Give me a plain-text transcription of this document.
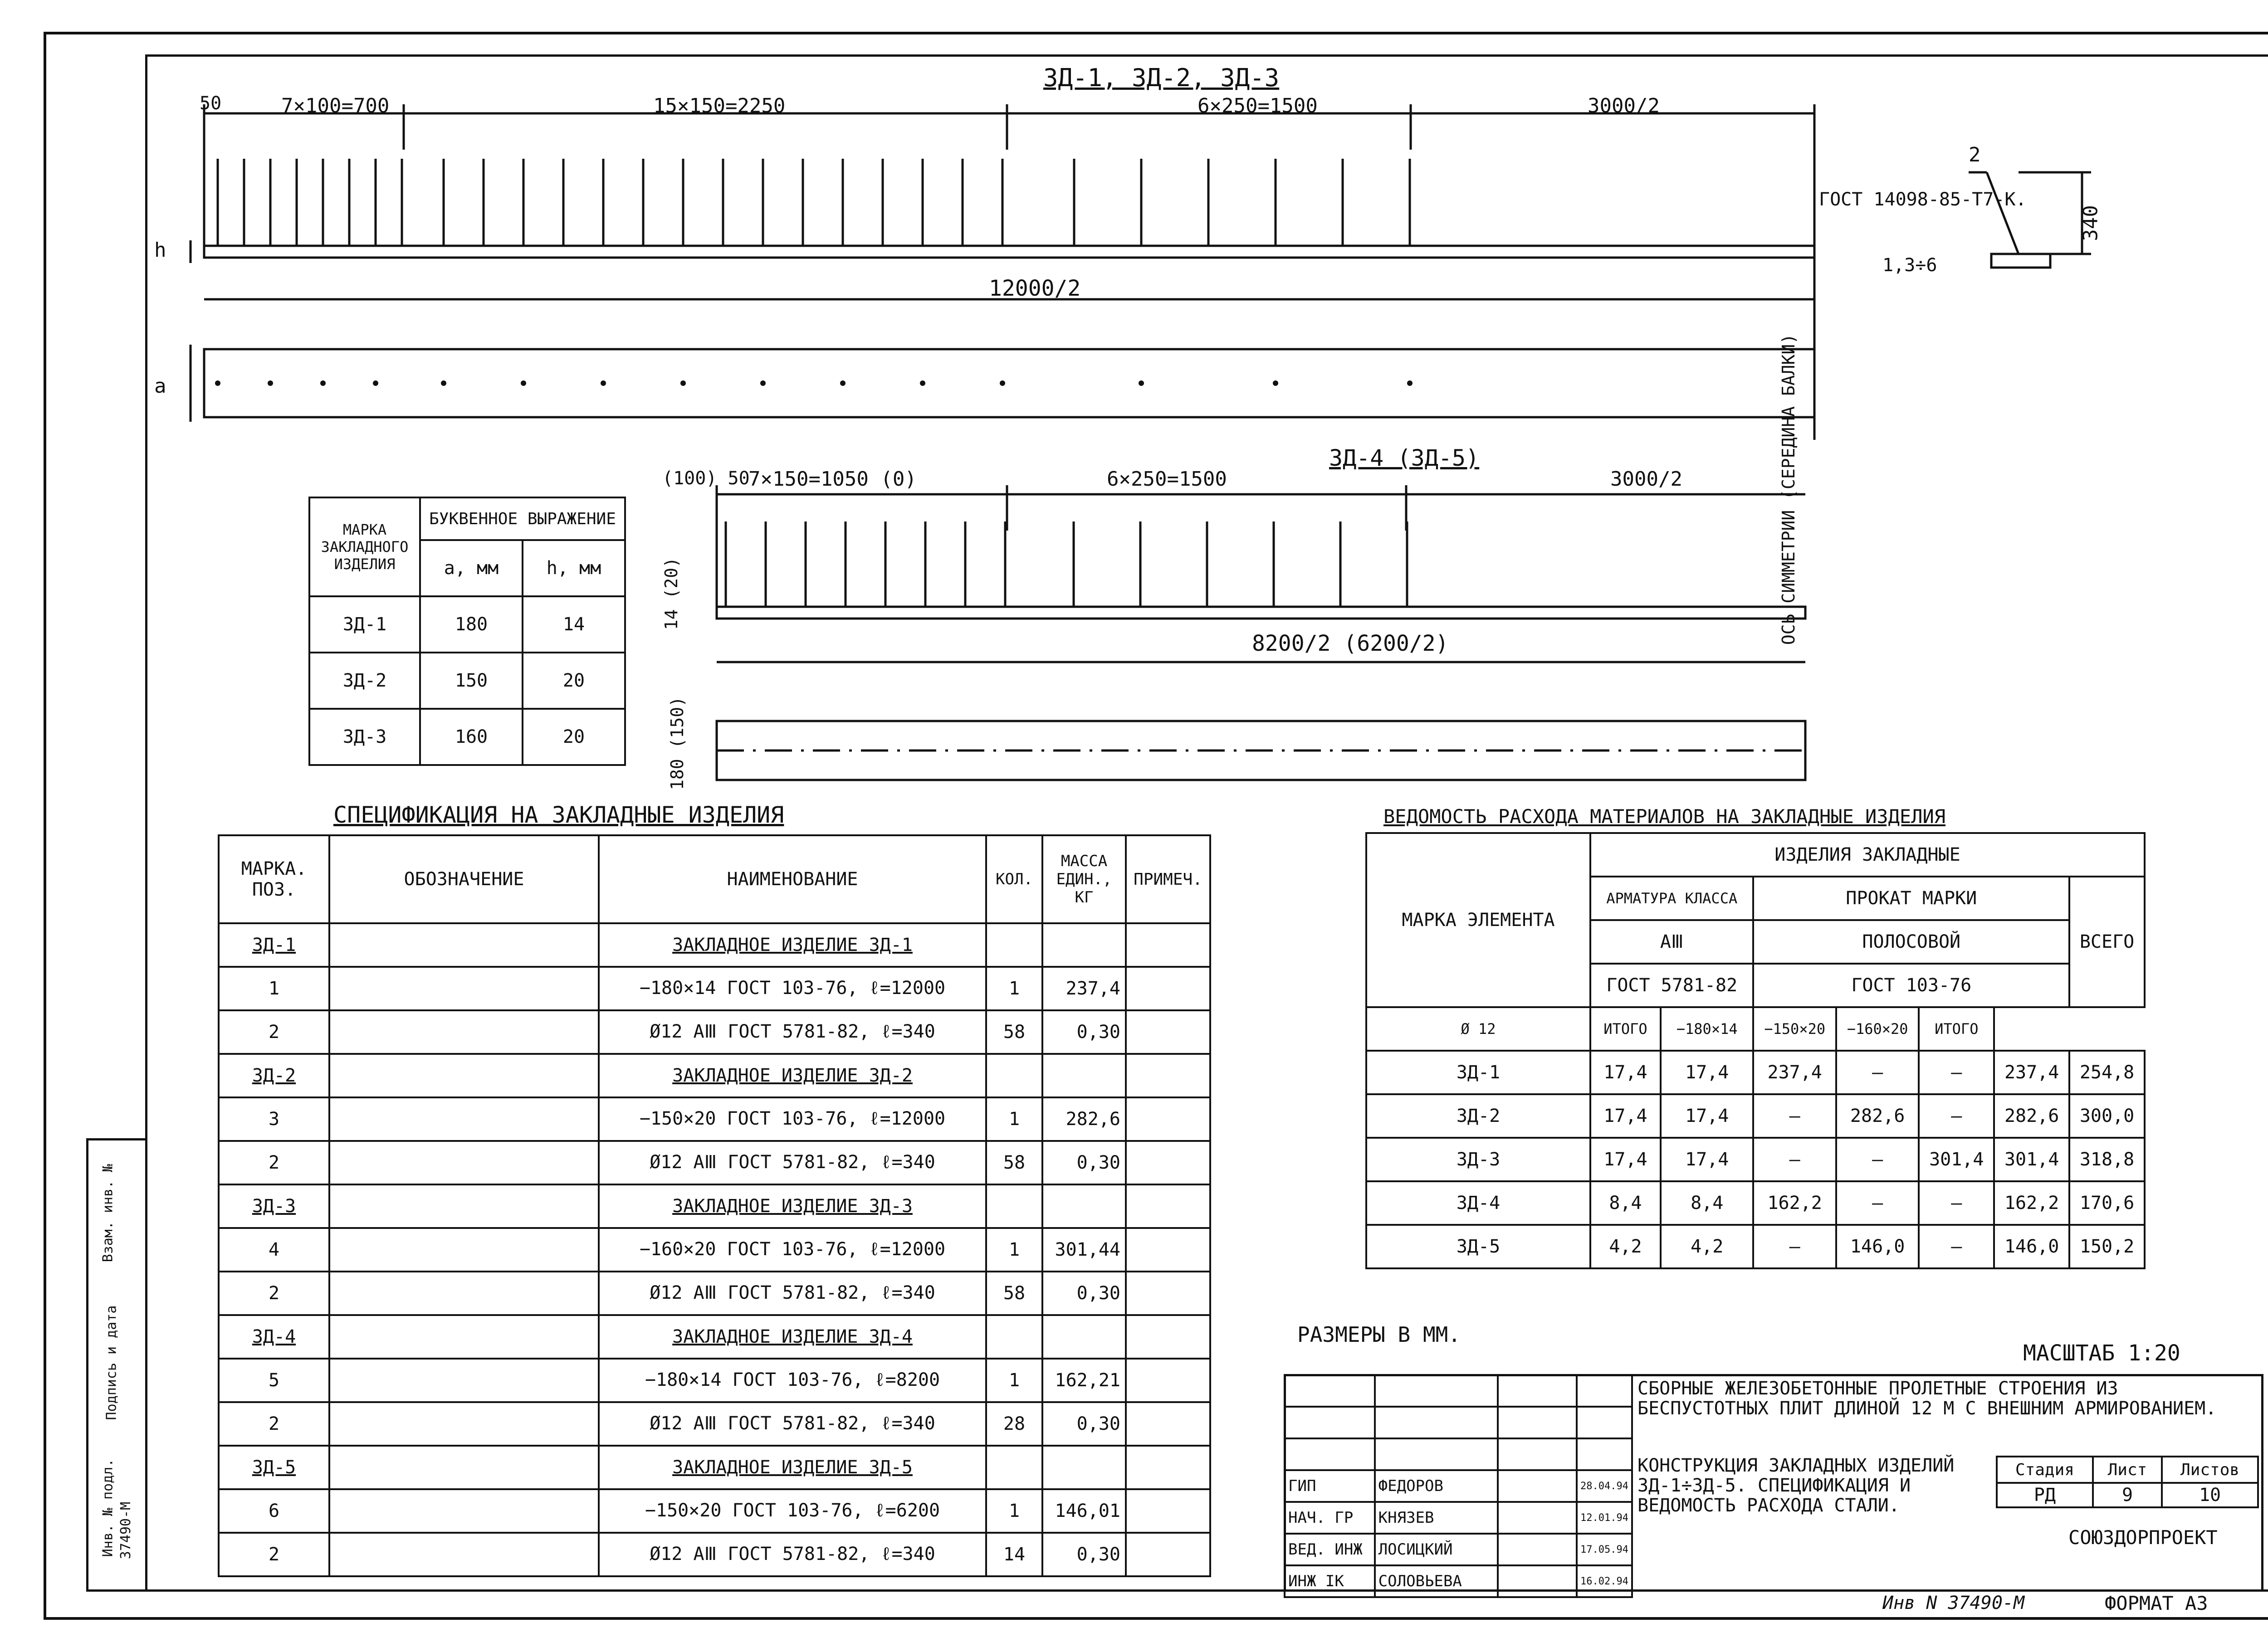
ЗД-1, ЗД-2, ЗД-3
50	7×100=700	15×150=2250	6×250=1500	3000/2
12000/2
h
a
2
ГОСТ 14098-85-Т7-К.
340
1,3÷6
ОСЬ СИММЕТРИИ (СЕРЕДИНА БАЛКИ)
ЗД-4 (ЗД-5)
(100) 50
7×150=1050 (0)	6×250=1500	3000/2
8200/2 (6200/2)
14 (20)
180 (150)
МАРКА ЗАКЛАДНОГО ИЗДЕЛИЯ	БУКВЕННОЕ ВЫРАЖЕНИЕ	
	a, мм	h, мм
ЗД-1	180	14
ЗД-2	150	20
ЗД-3	160	20
СПЕЦИФИКАЦИЯ НА ЗАКЛАДНЫЕ ИЗДЕЛИЯ
МАРКА. ПОЗ.	ОБОЗНАЧЕНИЕ	НАИМЕНОВАНИЕ	КОЛ.	МАССА ЕДИН., КГ	ПРИМЕЧ.
ЗД-1		ЗАКЛАДНОЕ ИЗДЕЛИЕ ЗД-1			
1		−180×14 ГОСТ 103-76, ℓ=12000	1	237,4	
2		Ø12 АⅢ ГОСТ 5781-82, ℓ=340	58	0,30	
ЗД-2		ЗАКЛАДНОЕ ИЗДЕЛИЕ ЗД-2			
3		−150×20 ГОСТ 103-76, ℓ=12000	1	282,6	
2		Ø12 АⅢ ГОСТ 5781-82, ℓ=340	58	0,30	
ЗД-3		ЗАКЛАДНОЕ ИЗДЕЛИЕ ЗД-3			
4		−160×20 ГОСТ 103-76, ℓ=12000	1	301,44	
2		Ø12 АⅢ ГОСТ 5781-82, ℓ=340	58	0,30	
ЗД-4		ЗАКЛАДНОЕ ИЗДЕЛИЕ ЗД-4			
5		−180×14 ГОСТ 103-76, ℓ=8200	1	162,21	
2		Ø12 АⅢ ГОСТ 5781-82, ℓ=340	28	0,30	
ЗД-5		ЗАКЛАДНОЕ ИЗДЕЛИЕ ЗД-5			
6		−150×20 ГОСТ 103-76, ℓ=6200	1	146,01	
2		Ø12 АⅢ ГОСТ 5781-82, ℓ=340	14	0,30	
ВЕДОМОСТЬ РАСХОДА МАТЕРИАЛОВ НА ЗАКЛАДНЫЕ ИЗДЕЛИЯ
МАРКА ЭЛЕМЕНТА	ИЗДЕЛИЯ ЗАКЛАДНЫЕ						
	АРМАТУРА КЛАССА		ПРОКАТ МАРКИ				ВСЕГО
	АⅢ		ПОЛОСОВОЙ				
	ГОСТ 5781-82		ГОСТ 103-76				
Ø 12	ИТОГО	−180×14	−150×20	−160×20	ИТОГО		
ЗД-1	17,4	17,4	237,4	—	—	237,4	254,8
ЗД-2	17,4	17,4	—	282,6	—	282,6	300,0
ЗД-3	17,4	17,4	—	—	301,4	301,4	318,8
ЗД-4	8,4	8,4	162,2	—	—	162,2	170,6
ЗД-5	4,2	4,2	—	146,0	—	146,0	150,2
РАЗМЕРЫ В ММ.
МАСШТАБ 1:20

ГИП	ФЕДОРОВ		28.04.94
НАЧ. ГР	КНЯЗЕВ		12.01.94
ВЕД. ИНЖ	ЛОСИЦКИЙ		17.05.94
ИНЖ IК	СОЛОВЬЕВА		16.02.94
СБОРНЫЕ ЖЕЛЕЗОБЕТОННЫЕ ПРОЛЕТНЫЕ СТРОЕНИЯ ИЗ БЕСПУСТОТНЫХ ПЛИТ ДЛИНОЙ 12 М С ВНЕШНИМ АРМИРОВАНИЕМ.
КОНСТРУКЦИЯ ЗАКЛАДНЫХ ИЗДЕЛИЙ ЗД-1÷ЗД-5. СПЕЦИФИКАЦИЯ И ВЕДОМОСТЬ РАСХОДА СТАЛИ.
Стадия	Лист	Листов
РД	9	10
СОЮЗДОРПРОЕКТ
Взам. инв. №
Подпись и дата
Инв. № подл. 37490-М
Инв N 37490-М	ФОРМАТ А3
